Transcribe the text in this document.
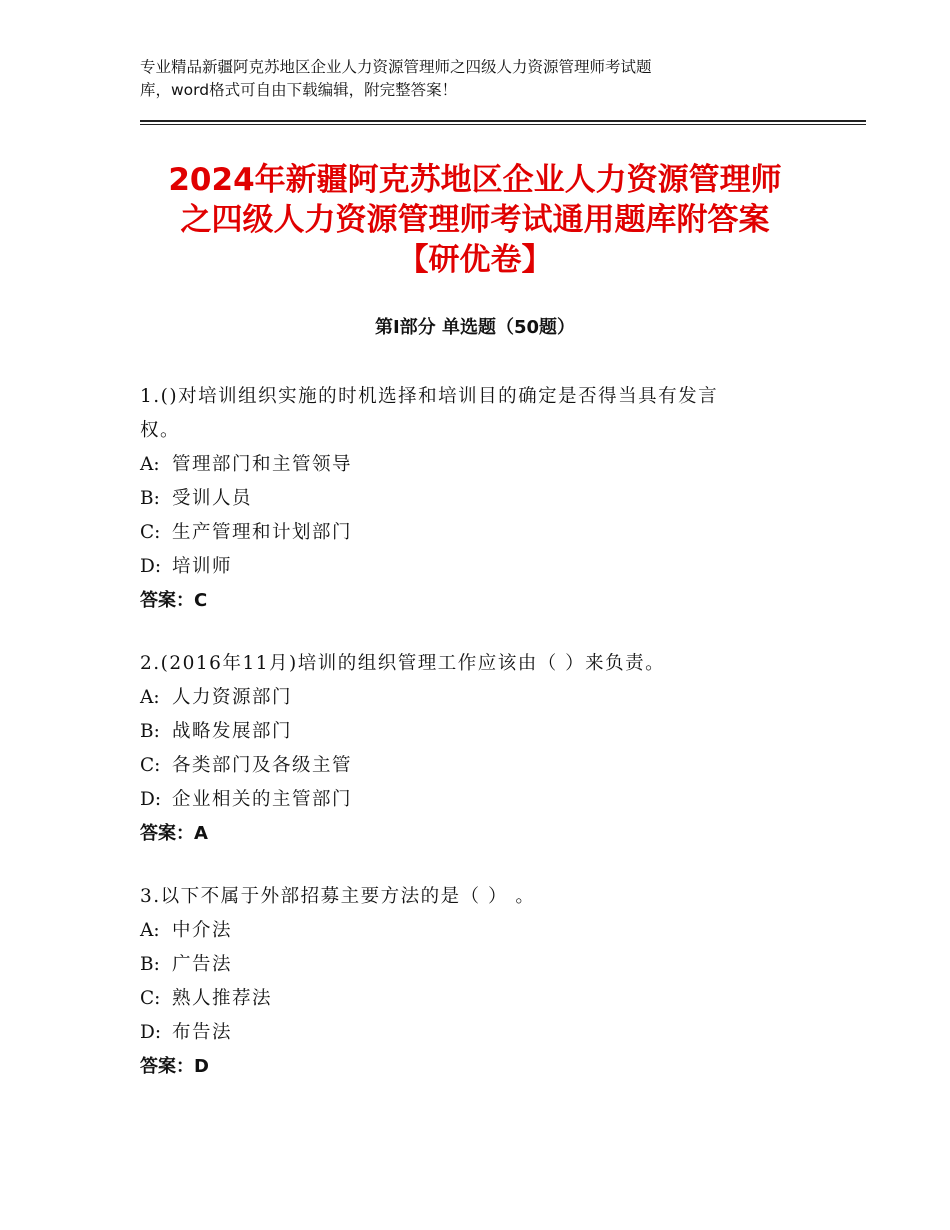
专业精品新疆阿克苏地区企业人力资源管理师之四级人力资源管理师考试题
库，word格式可自由下载编辑，附完整答案！
2024年新疆阿克苏地区企业人力资源管理师
之四级人力资源管理师考试通用题库附答案
【研优卷】
第Ⅰ部分 单选题（50题）
1.()对培训组织实施的时机选择和培训目的确定是否得当具有发言
权。
A: 管理部门和主管领导
B: 受训人员
C: 生产管理和计划部门
D: 培训师
答案：C
2.(2016年11月)培训的组织管理工作应该由（ ）来负责。
A: 人力资源部门
B: 战略发展部门
C: 各类部门及各级主管
D: 企业相关的主管部门
答案：A
3.以下不属于外部招募主要方法的是（ ） 。
A: 中介法
B: 广告法
C: 熟人推荐法
D: 布告法
答案：D
